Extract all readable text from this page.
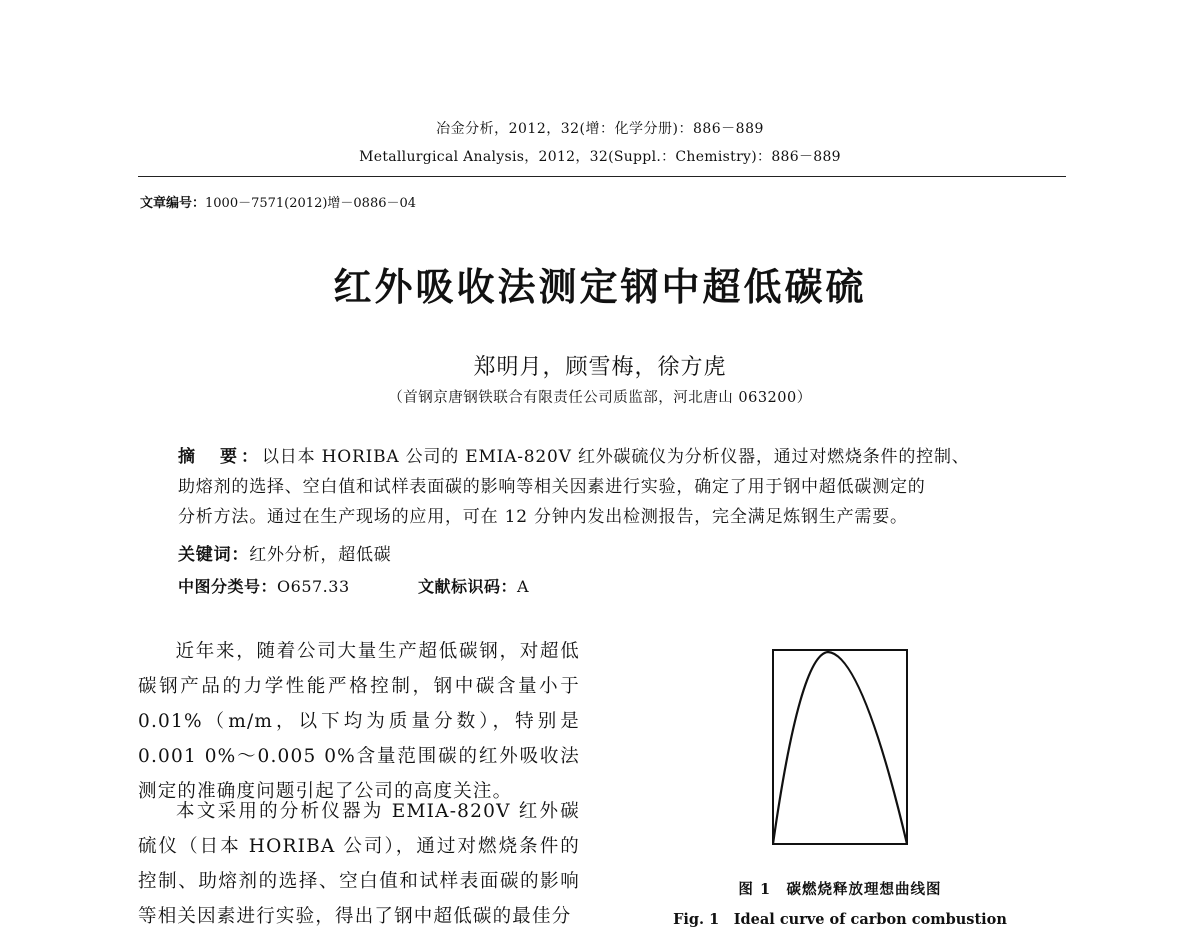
冶金分析，2012，32(增：化学分册)：886－889
Metallurgical Analysis，2012，32(Suppl.：Chemistry)：886－889
文章编号：1000－7571(2012)增－0886－04
红外吸收法测定钢中超低碳硫
郑明月，顾雪梅，徐方虎
（首钢京唐钢铁联合有限责任公司质监部，河北唐山 063200）
摘　要：以日本 HORIBA 公司的 EMIA-820V 红外碳硫仪为分析仪器，通过对燃烧条件的控制、
助熔剂的选择、空白值和试样表面碳的影响等相关因素进行实验，确定了用于钢中超低碳测定的
分析方法。通过在生产现场的应用，可在 12 分钟内发出检测报告，完全满足炼钢生产需要。
关键词：红外分析，超低碳
中图分类号：O657.33	文献标识码：A
近年来，随着公司大量生产超低碳钢，对超低碳钢产品的力学性能严格控制，钢中碳含量小于 0.01%（m/m，以下均为质量分数），特别是 0.001 0%～0.005 0%含量范围碳的红外吸收法测定的准确度问题引起了公司的高度关注。
本文采用的分析仪器为 EMIA-820V 红外碳硫仪（日本 HORIBA 公司），通过对燃烧条件的控制、助熔剂的选择、空白值和试样表面碳的影响等相关因素进行实验，得出了钢中超低碳的最佳分
图 1　碳燃烧释放理想曲线图
Fig. 1　Ideal curve of carbon combustion
